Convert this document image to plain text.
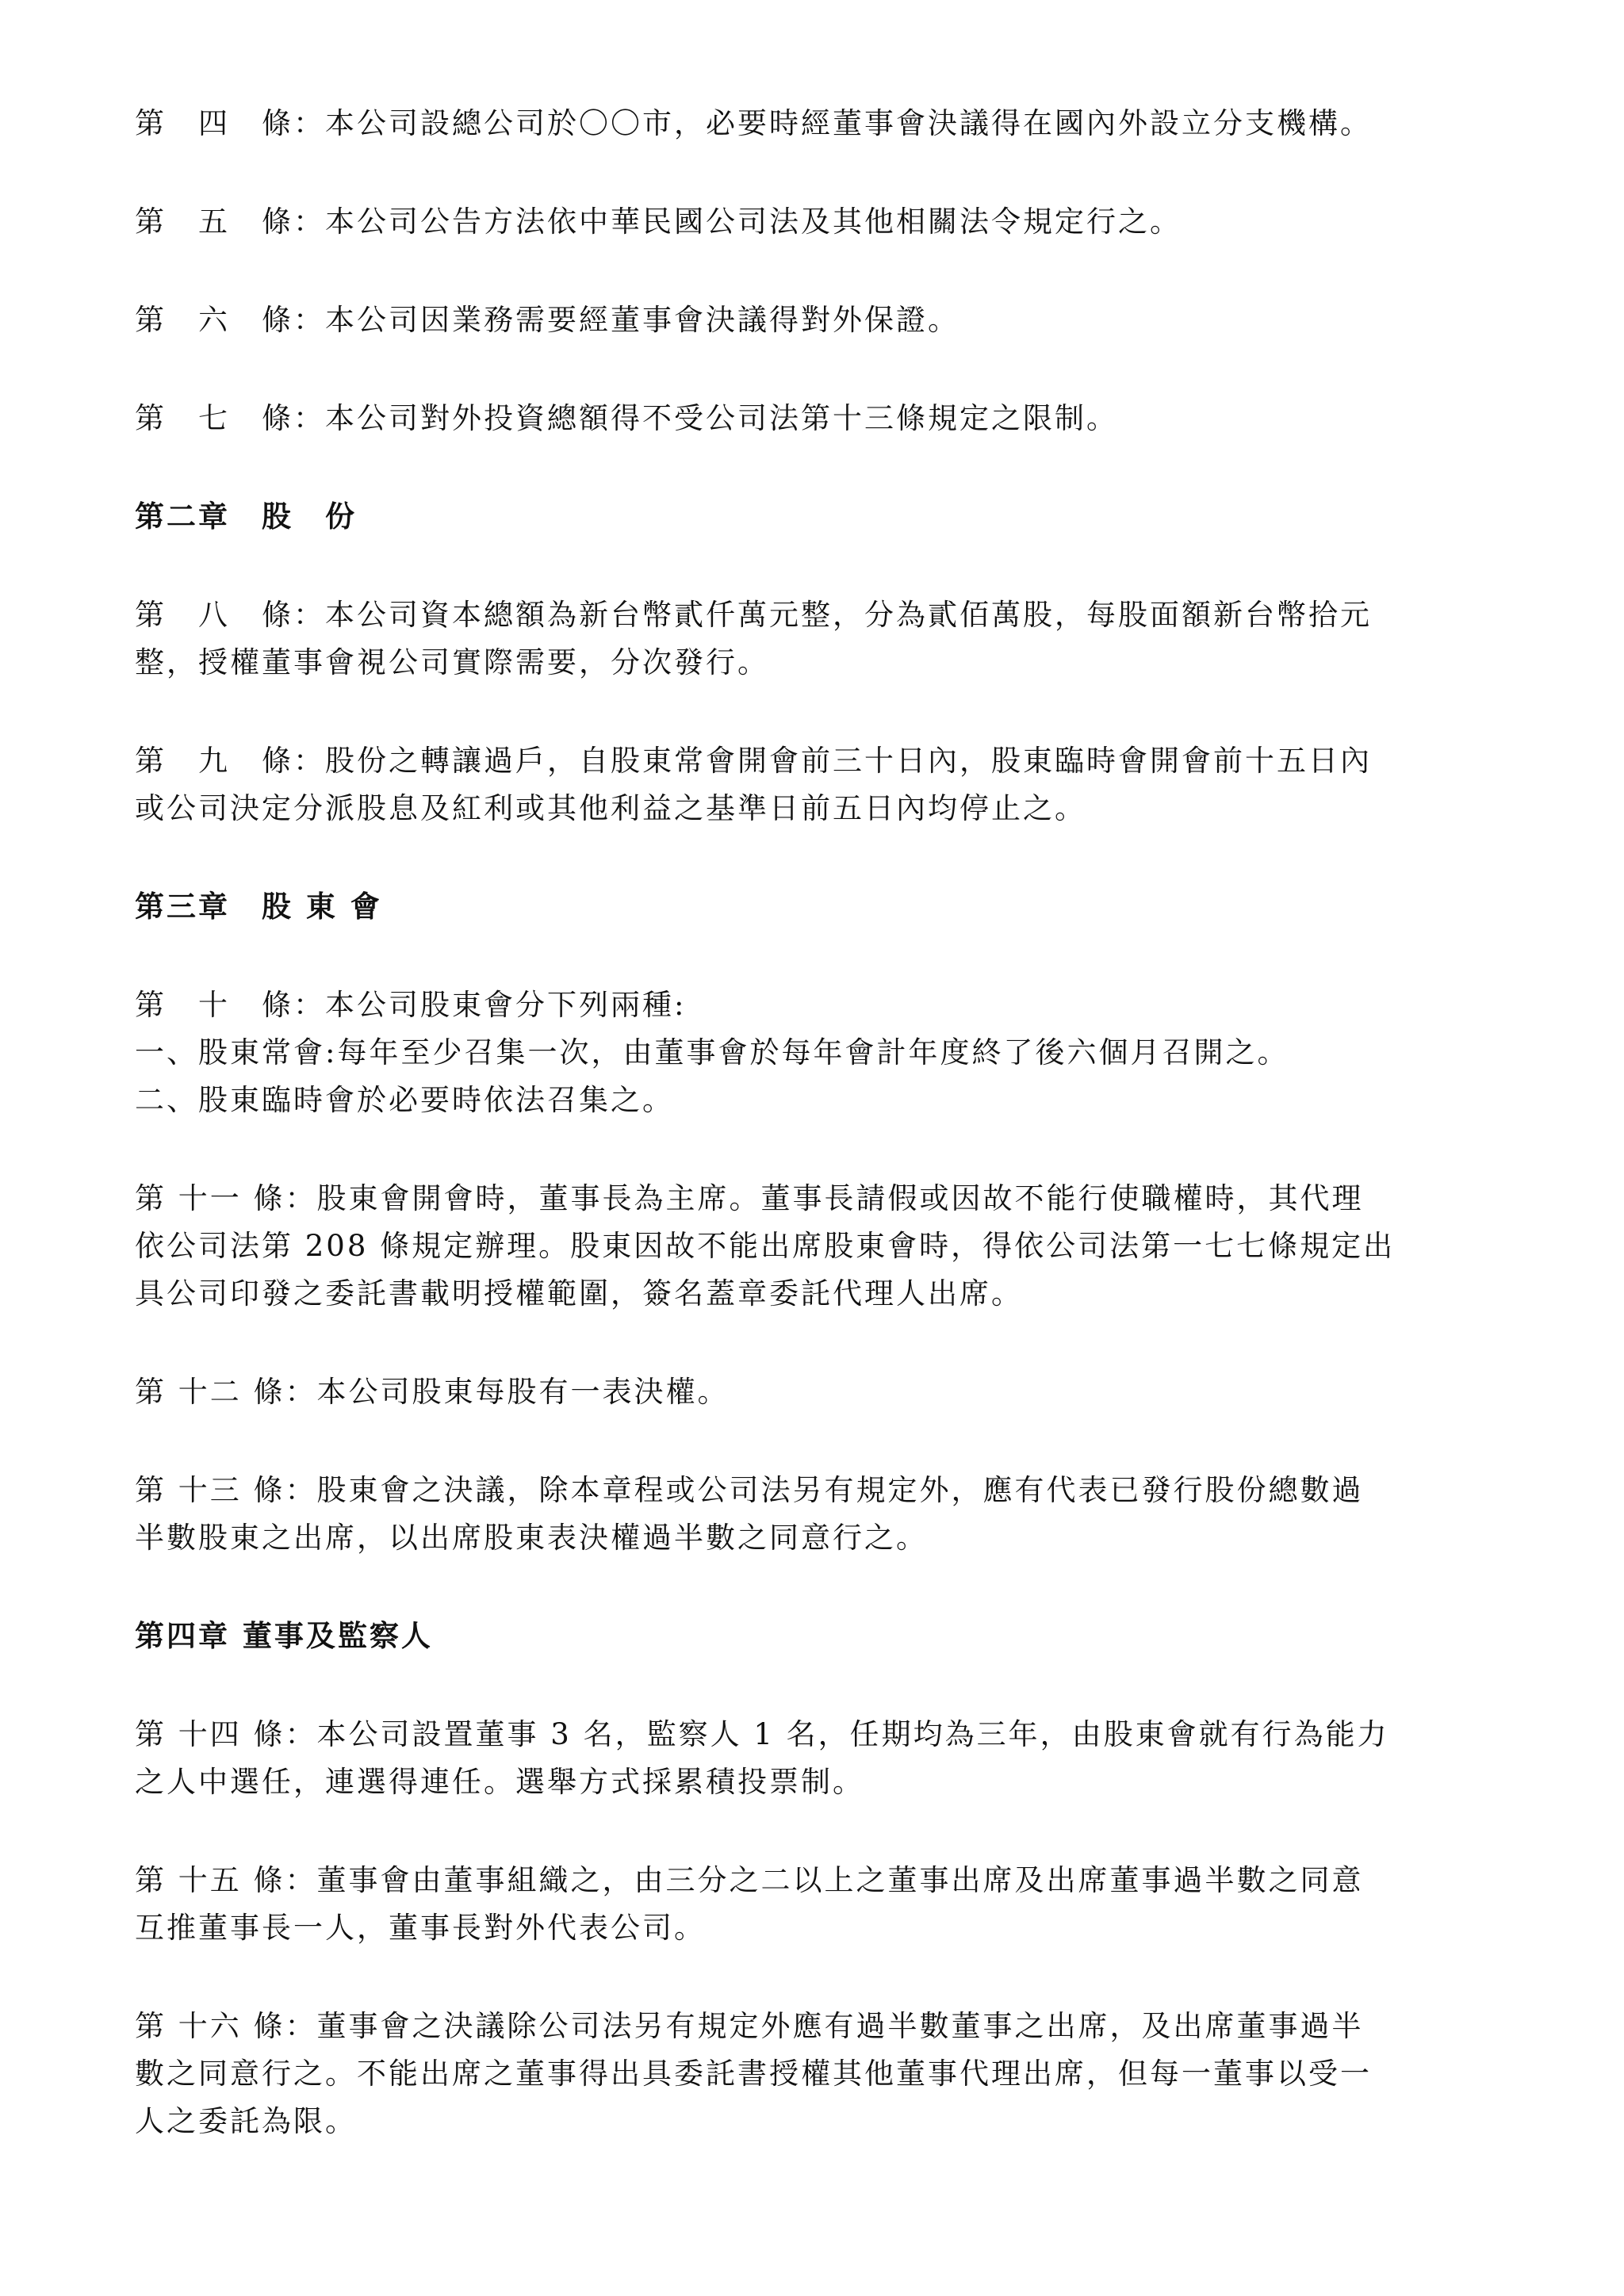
第　四　條：本公司設總公司於〇〇市，必要時經董事會決議得在國內外設立分支機構。
第　五　條：本公司公告方法依中華民國公司法及其他相關法令規定行之。
第　六　條：本公司因業務需要經董事會決議得對外保證。
第　七　條：本公司對外投資總額得不受公司法第十三條規定之限制。
第二章　股　份
第　八　條：本公司資本總額為新台幣貳仟萬元整，分為貳佰萬股，每股面額新台幣拾元
整，授權董事會視公司實際需要，分次發行。
第　九　條：股份之轉讓過戶，自股東常會開會前三十日內，股東臨時會開會前十五日內
或公司決定分派股息及紅利或其他利益之基準日前五日內均停止之。
第三章　股 東 會
第　十　條：本公司股東會分下列兩種:
一、股東常會:每年至少召集一次，由董事會於每年會計年度終了後六個月召開之。
二、股東臨時會於必要時依法召集之。
第 十一 條：股東會開會時，董事長為主席。董事長請假或因故不能行使職權時，其代理
依公司法第 208 條規定辦理。股東因故不能出席股東會時，得依公司法第一七七條規定出
具公司印發之委託書載明授權範圍，簽名蓋章委託代理人出席。
第 十二 條：本公司股東每股有一表決權。
第 十三 條：股東會之決議，除本章程或公司法另有規定外，應有代表已發行股份總數過
半數股東之出席，以出席股東表決權過半數之同意行之。
第四章 董事及監察人
第 十四 條：本公司設置董事 3 名，監察人 1 名，任期均為三年，由股東會就有行為能力
之人中選任，連選得連任。選舉方式採累積投票制。
第 十五 條：董事會由董事組織之，由三分之二以上之董事出席及出席董事過半數之同意
互推董事長一人，董事長對外代表公司。
第 十六 條：董事會之決議除公司法另有規定外應有過半數董事之出席，及出席董事過半
數之同意行之。不能出席之董事得出具委託書授權其他董事代理出席，但每一董事以受一
人之委託為限。
